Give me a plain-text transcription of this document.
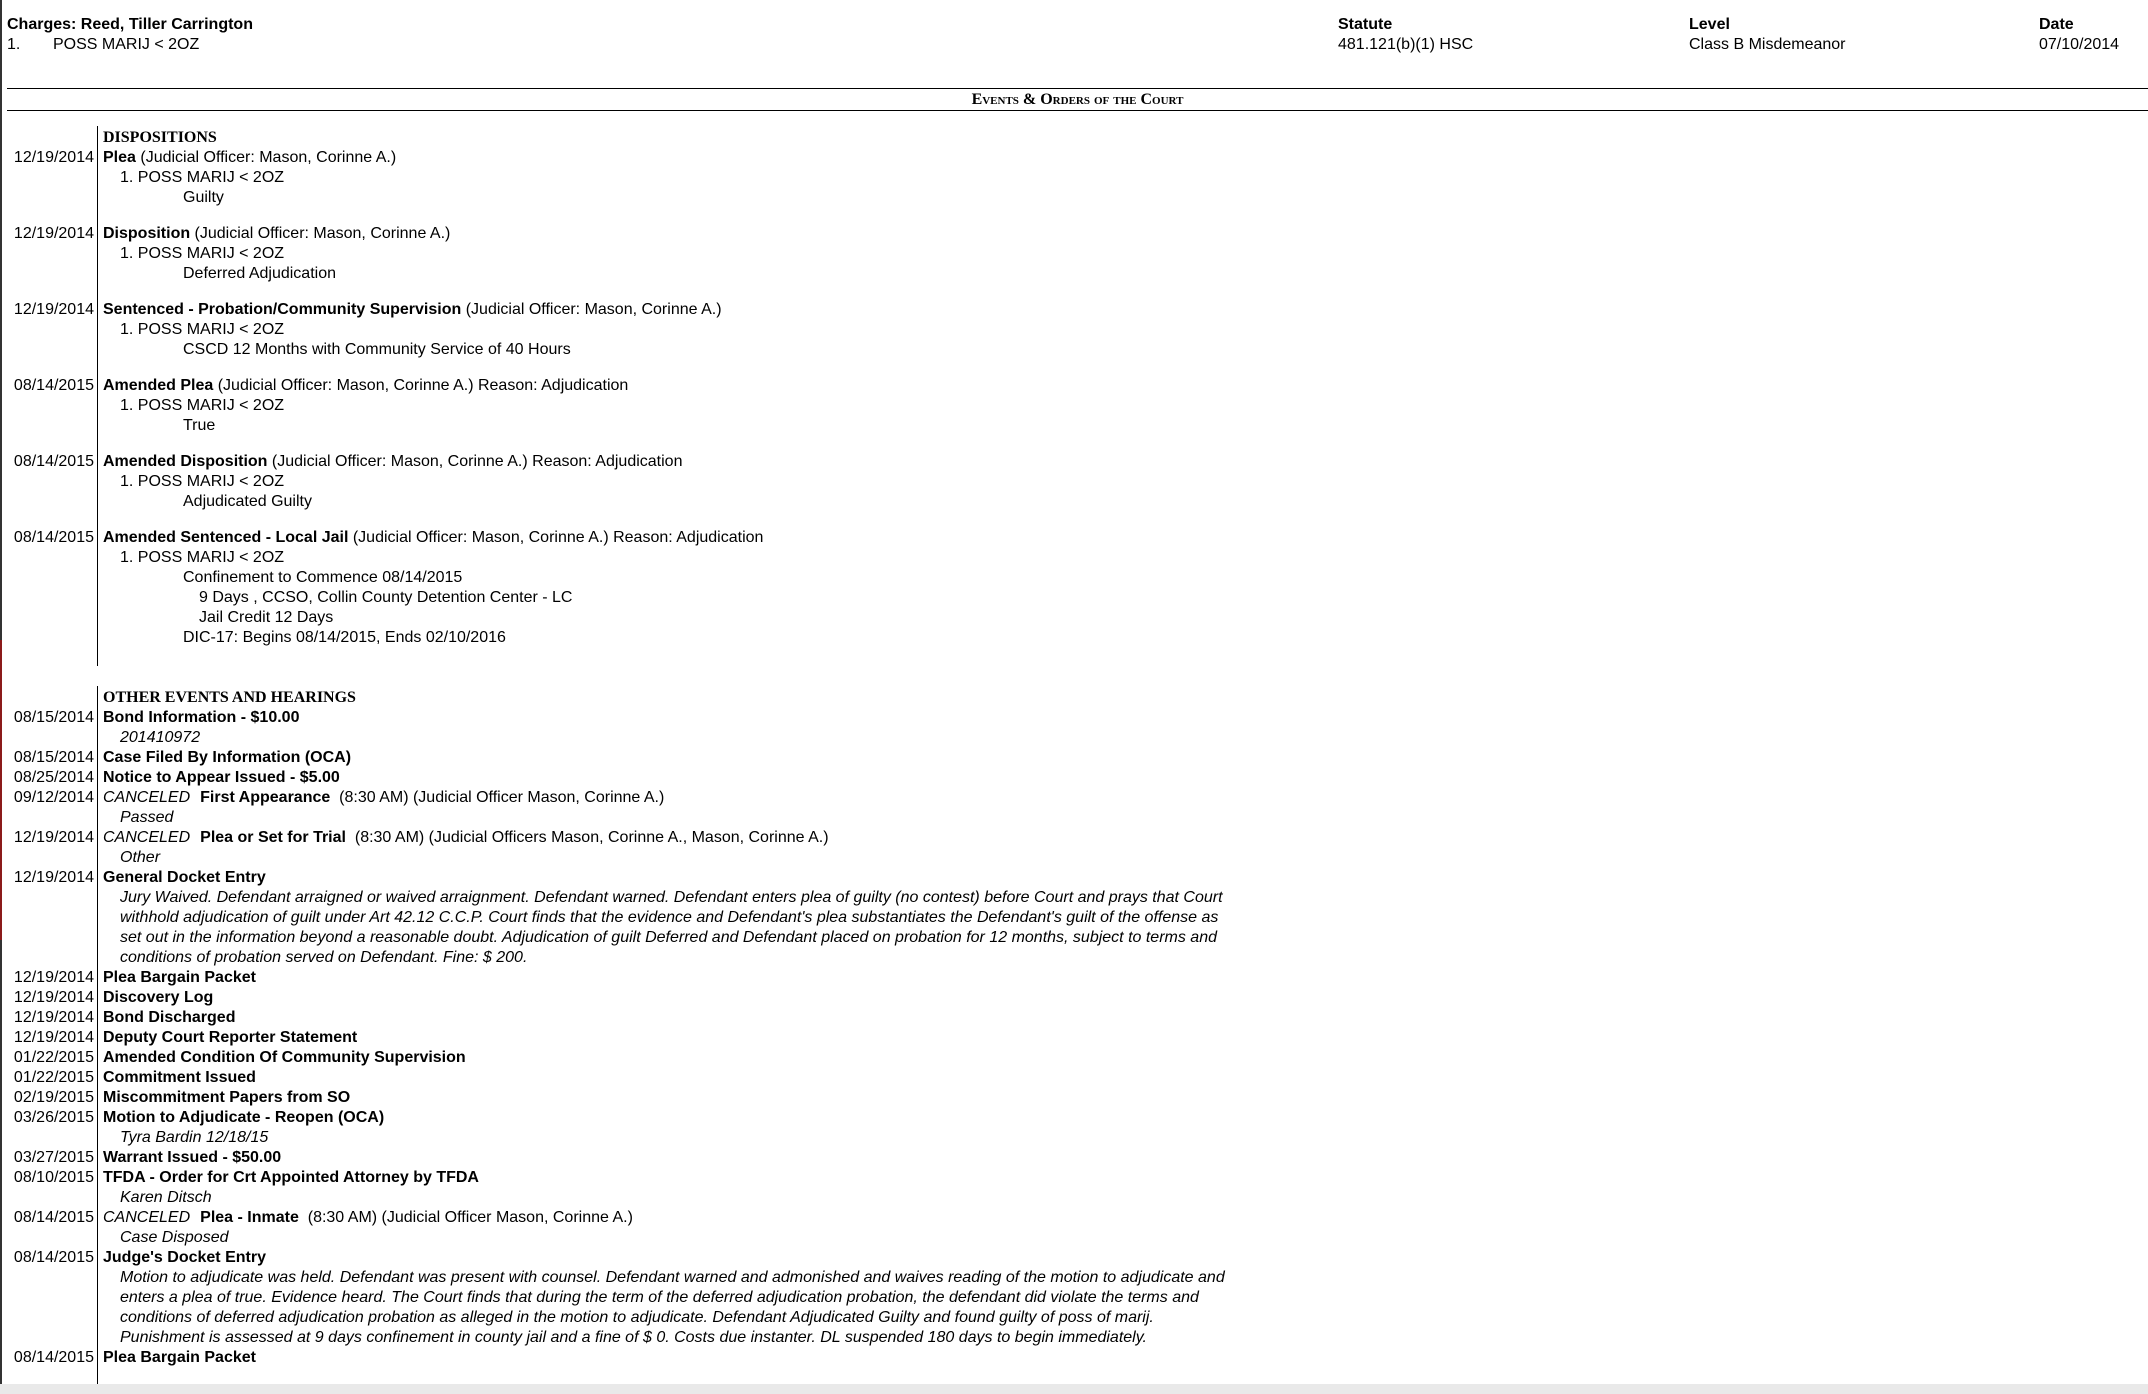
Charges: Reed, Tiller Carrington
1. POSS MARIJ < 2OZ
Statute
481.121(b)(1) HSC
Level
Class B Misdemeanor
Date
07/10/2014
Events & Orders of the Court
DISPOSITIONS
12/19/2014 Plea (Judicial Officer: Mason, Corinne A.)
1. POSS MARIJ < 2OZ
Guilty
12/19/2014 Disposition (Judicial Officer: Mason, Corinne A.)
1. POSS MARIJ < 2OZ
Deferred Adjudication
12/19/2014 Sentenced - Probation/Community Supervision (Judicial Officer: Mason, Corinne A.)
1. POSS MARIJ < 2OZ
CSCD 12 Months with Community Service of 40 Hours
08/14/2015 Amended Plea (Judicial Officer: Mason, Corinne A.) Reason: Adjudication
1. POSS MARIJ < 2OZ
True
08/14/2015 Amended Disposition (Judicial Officer: Mason, Corinne A.) Reason: Adjudication
1. POSS MARIJ < 2OZ
Adjudicated Guilty
08/14/2015 Amended Sentenced - Local Jail (Judicial Officer: Mason, Corinne A.) Reason: Adjudication
1. POSS MARIJ < 2OZ
Confinement to Commence 08/14/2015
9 Days , CCSO, Collin County Detention Center - LC
Jail Credit 12 Days
DIC-17: Begins 08/14/2015, Ends 02/10/2016
OTHER EVENTS AND HEARINGS
08/15/2014 Bond Information - $10.00
201410972
08/15/2014 Case Filed By Information (OCA)
08/25/2014 Notice to Appear Issued - $5.00
09/12/2014 CANCELED First Appearance (8:30 AM) (Judicial Officer Mason, Corinne A.)
Passed
12/19/2014 CANCELED Plea or Set for Trial (8:30 AM) (Judicial Officers Mason, Corinne A., Mason, Corinne A.)
Other
12/19/2014 General Docket Entry
Jury Waived. Defendant arraigned or waived arraignment. Defendant warned. Defendant enters plea of guilty (no contest) before Court and prays that Court withhold adjudication of guilt under Art 42.12 C.C.P. Court finds that the evidence and Defendant's plea substantiates the Defendant's guilt of the offense as set out in the information beyond a reasonable doubt. Adjudication of guilt Deferred and Defendant placed on probation for 12 months, subject to terms and conditions of probation served on Defendant. Fine: $ 200.
12/19/2014 Plea Bargain Packet
12/19/2014 Discovery Log
12/19/2014 Bond Discharged
12/19/2014 Deputy Court Reporter Statement
01/22/2015 Amended Condition Of Community Supervision
01/22/2015 Commitment Issued
02/19/2015 Miscommitment Papers from SO
03/26/2015 Motion to Adjudicate - Reopen (OCA)
Tyra Bardin 12/18/15
03/27/2015 Warrant Issued - $50.00
08/10/2015 TFDA - Order for Crt Appointed Attorney by TFDA
Karen Ditsch
08/14/2015 CANCELED Plea - Inmate (8:30 AM) (Judicial Officer Mason, Corinne A.)
Case Disposed
08/14/2015 Judge's Docket Entry
Motion to adjudicate was held. Defendant was present with counsel. Defendant warned and admonished and waives reading of the motion to adjudicate and enters a plea of true. Evidence heard. The Court finds that during the term of the deferred adjudication probation, the defendant did violate the terms and conditions of deferred adjudication probation as alleged in the motion to adjudicate. Defendant Adjudicated Guilty and found guilty of poss of marij. Punishment is assessed at 9 days confinement in county jail and a fine of $ 0. Costs due instanter. DL suspended 180 days to begin immediately.
08/14/2015 Plea Bargain Packet
